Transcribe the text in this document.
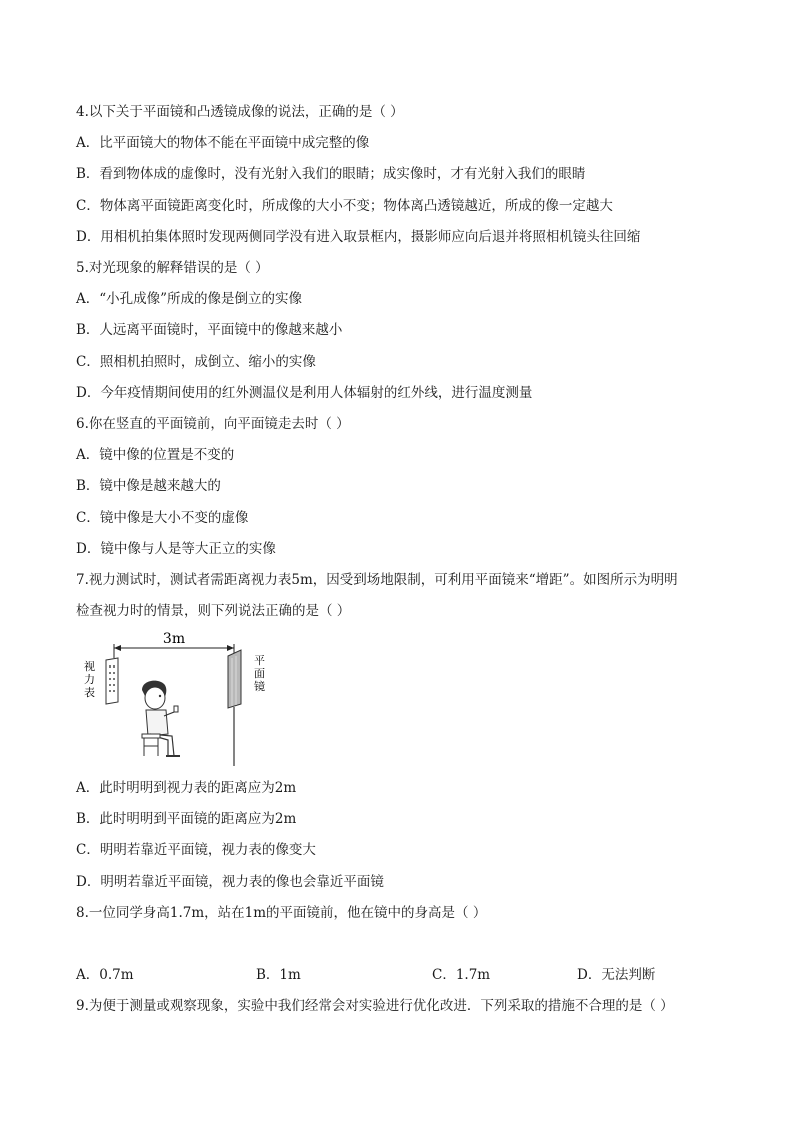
4.以下关于平面镜和凸透镜成像的说法，正确的是（ ）
A．比平面镜大的物体不能在平面镜中成完整的像
B．看到物体成的虚像时，没有光射入我们的眼睛；成实像时，才有光射入我们的眼睛
C．物体离平面镜距离变化时，所成像的大小不变；物体离凸透镜越近，所成的像一定越大
D．用相机拍集体照时发现两侧同学没有进入取景框内，摄影师应向后退并将照相机镜头往回缩
5.对光现象的解释错误的是（ ）
A．“小孔成像”所成的像是倒立的实像
B．人远离平面镜时，平面镜中的像越来越小
C．照相机拍照时，成倒立、缩小的实像
D．今年疫情期间使用的红外测温仪是利用人体辐射的红外线，进行温度测量
6.你在竖直的平面镜前，向平面镜走去时（ ）
A．镜中像的位置是不变的
B．镜中像是越来越大的
C．镜中像是大小不变的虚像
D．镜中像与人是等大正立的实像
7.视力测试时，测试者需距离视力表5m，因受到场地限制，可利用平面镜来“增距”。如图所示为明明
检查视力时的情景，则下列说法正确的是（ ）
3m
视
力
表
平
面
镜
A．此时明明到视力表的距离应为2m
B．此时明明到平面镜的距离应为2m
C．明明若靠近平面镜，视力表的像变大
D．明明若靠近平面镜，视力表的像也会靠近平面镜
8.一位同学身高1.7m，站在1m的平面镜前，他在镜中的身高是（ ）
A．0.7m	B．1m	C．1.7m	D．无法判断
9.为便于测量或观察现象，实验中我们经常会对实验进行优化改进．下列采取的措施不合理的是（ ）
